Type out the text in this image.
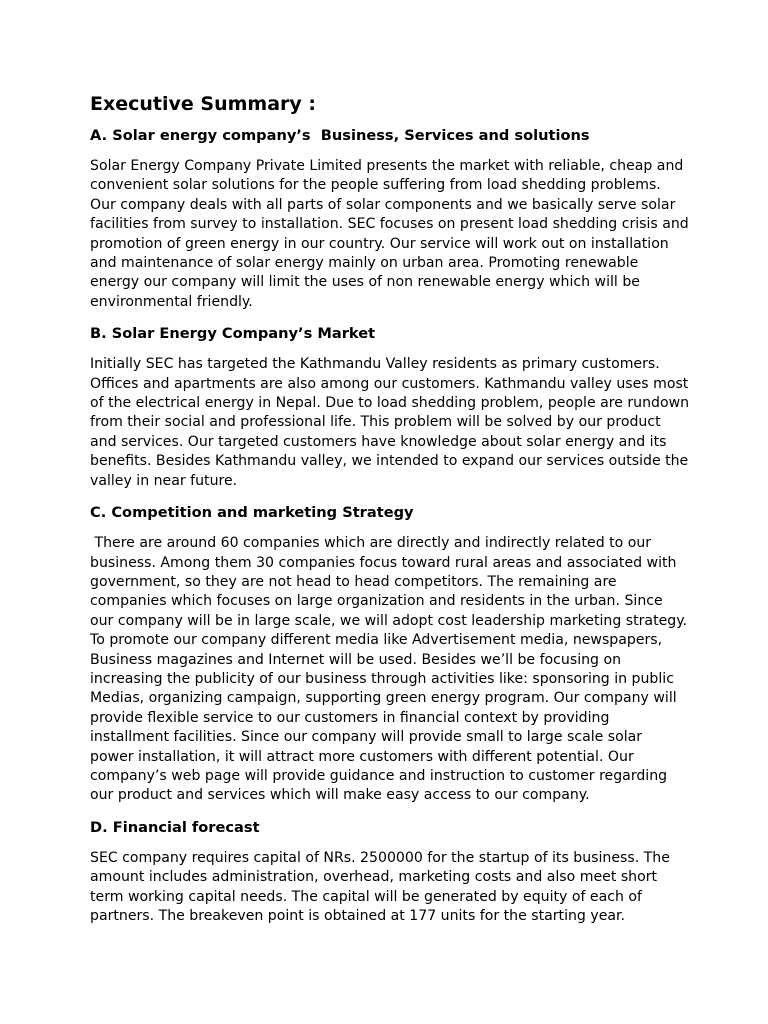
Executive Summary :
A. Solar energy company’s  Business, Services and solutions
Solar Energy Company Private Limited presents the market with reliable, cheap and
convenient solar solutions for the people suffering from load shedding problems.
Our company deals with all parts of solar components and we basically serve solar
facilities from survey to installation. SEC focuses on present load shedding crisis and
promotion of green energy in our country. Our service will work out on installation
and maintenance of solar energy mainly on urban area. Promoting renewable
energy our company will limit the uses of non renewable energy which will be
environmental friendly.
B. Solar Energy Company’s Market
Initially SEC has targeted the Kathmandu Valley residents as primary customers.
Offices and apartments are also among our customers. Kathmandu valley uses most
of the electrical energy in Nepal. Due to load shedding problem, people are rundown
from their social and professional life. This problem will be solved by our product
and services. Our targeted customers have knowledge about solar energy and its
benefits. Besides Kathmandu valley, we intended to expand our services outside the
valley in near future.
C. Competition and marketing Strategy
There are around 60 companies which are directly and indirectly related to our
business. Among them 30 companies focus toward rural areas and associated with
government, so they are not head to head competitors. The remaining are
companies which focuses on large organization and residents in the urban. Since
our company will be in large scale, we will adopt cost leadership marketing strategy.
To promote our company different media like Advertisement media, newspapers,
Business magazines and Internet will be used. Besides we’ll be focusing on
increasing the publicity of our business through activities like: sponsoring in public
Medias, organizing campaign, supporting green energy program. Our company will
provide flexible service to our customers in financial context by providing
installment facilities. Since our company will provide small to large scale solar
power installation, it will attract more customers with different potential. Our
company’s web page will provide guidance and instruction to customer regarding
our product and services which will make easy access to our company.
D. Financial forecast
SEC company requires capital of NRs. 2500000 for the startup of its business. The
amount includes administration, overhead, marketing costs and also meet short
term working capital needs. The capital will be generated by equity of each of
partners. The breakeven point is obtained at 177 units for the starting year.
